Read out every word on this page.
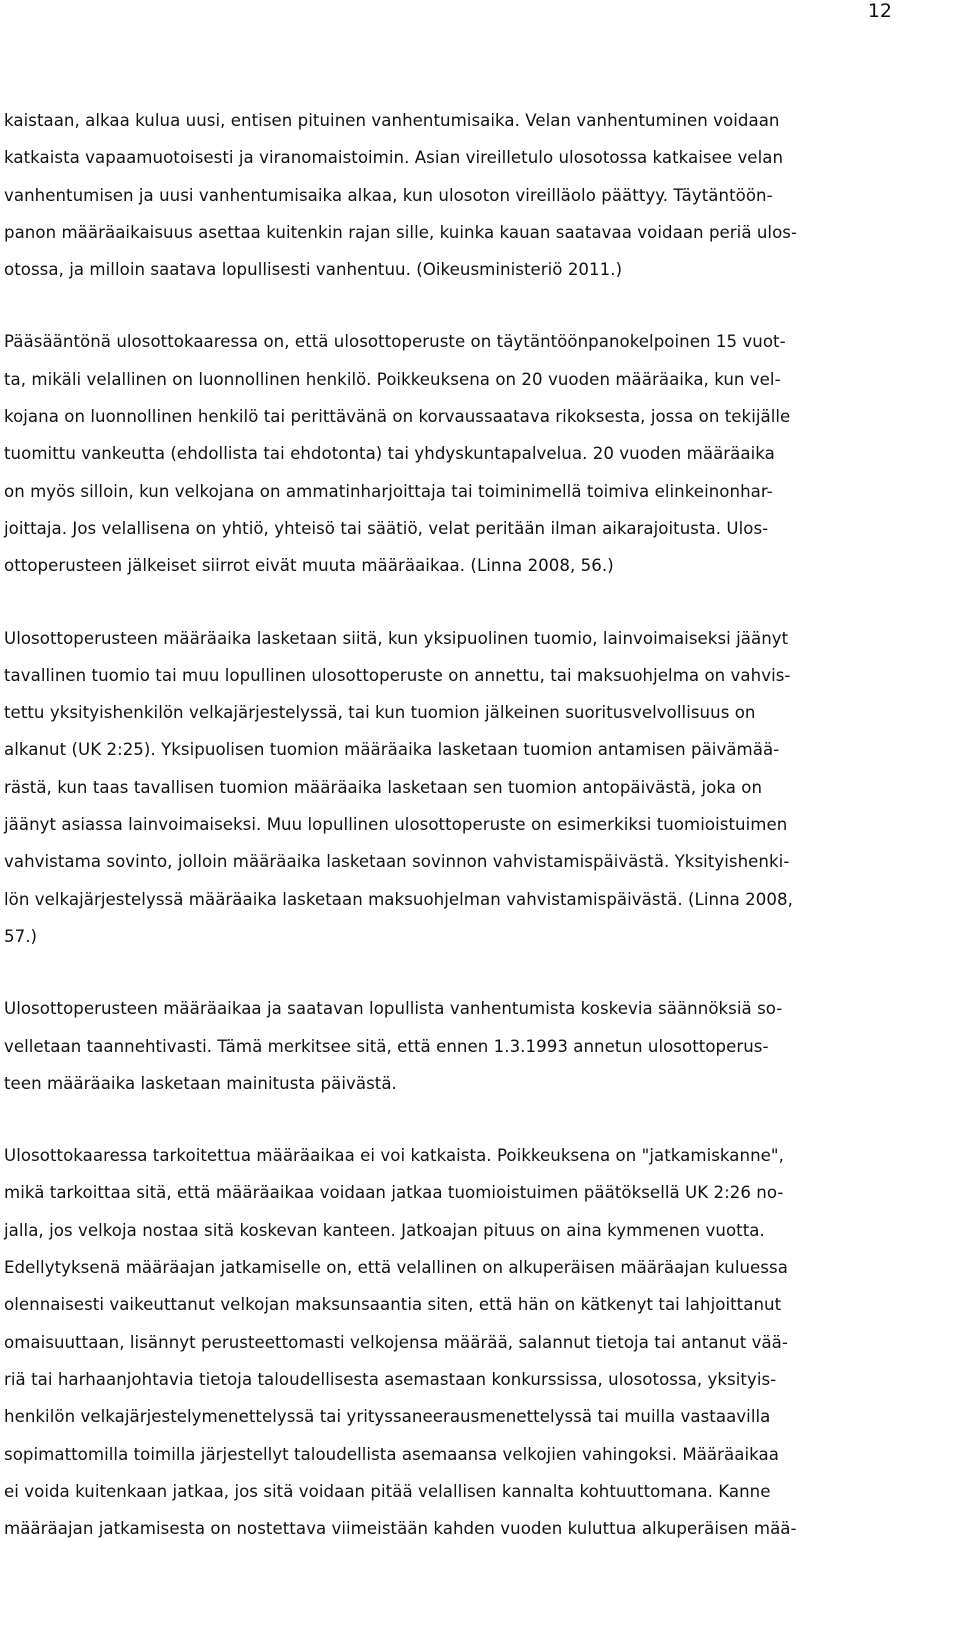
12
kaistaan, alkaa kulua uusi, entisen pituinen vanhentumisaika. Velan vanhentuminen voidaan
katkaista vapaamuotoisesti ja viranomaistoimin. Asian vireilletulo ulosotossa katkaisee velan
vanhentumisen ja uusi vanhentumisaika alkaa, kun ulosoton vireilläolo päättyy. Täytäntöön-
panon määräaikaisuus asettaa kuitenkin rajan sille, kuinka kauan saatavaa voidaan periä ulos-
otossa, ja milloin saatava lopullisesti vanhentuu. (Oikeusministeriö 2011.)
Pääsääntönä ulosottokaaressa on, että ulosottoperuste on täytäntöönpanokelpoinen 15 vuot-
ta, mikäli velallinen on luonnollinen henkilö. Poikkeuksena on 20 vuoden määräaika, kun vel-
kojana on luonnollinen henkilö tai perittävänä on korvaussaatava rikoksesta, jossa on tekijälle
tuomittu vankeutta (ehdollista tai ehdotonta) tai yhdyskuntapalvelua. 20 vuoden määräaika
on myös silloin, kun velkojana on ammatinharjoittaja tai toiminimellä toimiva elinkeinonhar-
joittaja. Jos velallisena on yhtiö, yhteisö tai säätiö, velat peritään ilman aikarajoitusta. Ulos-
ottoperusteen jälkeiset siirrot eivät muuta määräaikaa. (Linna 2008, 56.)
Ulosottoperusteen määräaika lasketaan siitä, kun yksipuolinen tuomio, lainvoimaiseksi jäänyt
tavallinen tuomio tai muu lopullinen ulosottoperuste on annettu, tai maksuohjelma on vahvis-
tettu yksityishenkilön velkajärjestelyssä, tai kun tuomion jälkeinen suoritusvelvollisuus on
alkanut (UK 2:25). Yksipuolisen tuomion määräaika lasketaan tuomion antamisen päivämää-
rästä, kun taas tavallisen tuomion määräaika lasketaan sen tuomion antopäivästä, joka on
jäänyt asiassa lainvoimaiseksi. Muu lopullinen ulosottoperuste on esimerkiksi tuomioistuimen
vahvistama sovinto, jolloin määräaika lasketaan sovinnon vahvistamispäivästä. Yksityishenki-
lön velkajärjestelyssä määräaika lasketaan maksuohjelman vahvistamispäivästä. (Linna 2008,
57.)
Ulosottoperusteen määräaikaa ja saatavan lopullista vanhentumista koskevia säännöksiä so-
velletaan taannehtivasti. Tämä merkitsee sitä, että ennen 1.3.1993 annetun ulosottoperus-
teen määräaika lasketaan mainitusta päivästä.
Ulosottokaaressa tarkoitettua määräaikaa ei voi katkaista. Poikkeuksena on "jatkamiskanne",
mikä tarkoittaa sitä, että määräaikaa voidaan jatkaa tuomioistuimen päätöksellä UK 2:26 no-
jalla, jos velkoja nostaa sitä koskevan kanteen. Jatkoajan pituus on aina kymmenen vuotta.
Edellytyksenä määräajan jatkamiselle on, että velallinen on alkuperäisen määräajan kuluessa
olennaisesti vaikeuttanut velkojan maksunsaantia siten, että hän on kätkenyt tai lahjoittanut
omaisuuttaan, lisännyt perusteettomasti velkojensa määrää, salannut tietoja tai antanut vää-
riä tai harhaanjohtavia tietoja taloudellisesta asemastaan konkurssissa, ulosotossa, yksityis-
henkilön velkajärjestelymenettelyssä tai yrityssaneerausmenettelyssä tai muilla vastaavilla
sopimattomilla toimilla järjestellyt taloudellista asemaansa velkojien vahingoksi. Määräaikaa
ei voida kuitenkaan jatkaa, jos sitä voidaan pitää velallisen kannalta kohtuuttomana. Kanne
määräajan jatkamisesta on nostettava viimeistään kahden vuoden kuluttua alkuperäisen mää-
